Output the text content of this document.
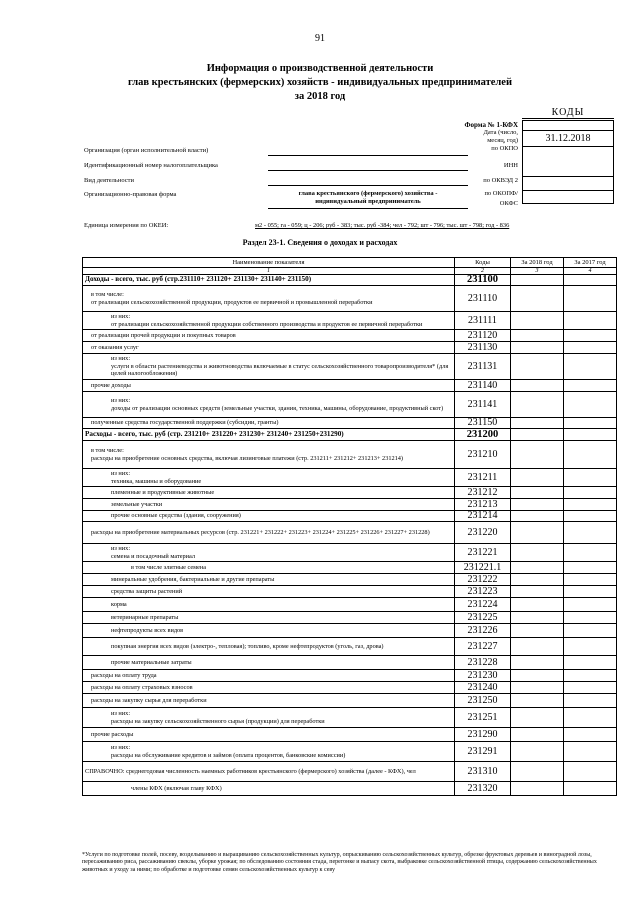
91
Информация о производственной деятельности
глав крестьянских (фермерских) хозяйств - индивидуальных предпринимателей
за 2018 год
КОДЫ
Форма № 1-КФХ
Дата (число,
месяц, год)
по ОКПО
ИНН
по ОКВЭД 2
по ОКОПФ/
ОКФС
31.12.2018
Организация (орган исполнительной власти)
Идентификационный номер налогоплательщика
Вид деятельности
Организационно-правовая форма	глава крестьянского (фермерского) хозяйства -
индивидуальный предприниматель
Единица измерения по ОКЕИ:	м2 - 055; га - 059; ц - 206; руб - 383; тыс. руб -384; чел - 792; шт - 796; тыс. шт - 798; год - 836
Раздел 23-1. Сведения о доходах и расходах
Наименование показателя	Коды	За 2018 год	За 2017 год
1	2	3	4
Доходы - всего, тыс. руб (стр.231110+ 231120+ 231130+ 231140+ 231150)	231100		
в том числе:
от реализации сельскохозяйственной продукции, продуктов ее первичной и промышленной переработки	231110		
из них:
от реализации сельскохозяйственной продукции собственного производства и продуктов ее первичной переработки	231111		
от реализации прочей продукции и покупных товаров	231120		
от оказания услуг	231130		
из них:
услуги в области растениеводства и животноводства включаемые в статус сельскохозяйственного товаропроизводителя* (для целей налогообложения)	231131		
прочие доходы	231140		
из них:
доходы от реализации основных средств (земельные участки, здания, техника, машины, оборудование, продуктивный скот)	231141		
полученные средства государственной поддержки (субсидии, гранты)	231150		
Расходы - всего, тыс. руб (стр. 231210+ 231220+ 231230+ 231240+ 231250+231290)	231200		
в том числе:
расходы на приобретение основных средства, включая лизинговые платежи (стр. 231211+ 231212+ 231213+ 231214)	231210		
из них:
техника, машины и оборудование	231211		
племенные и продуктивные животные	231212		
земельные участки	231213		
прочие основные средства (здания, сооружения)	231214		
расходы на приобретение материальных ресурсов (стр. 231221+ 231222+ 231223+ 231224+ 231225+ 231226+ 231227+ 231228)	231220		
из них:
семена и посадочный материал	231221		
в том числе элитные семена	231221.1		
минеральные удобрения, бактериальные и другие препараты	231222		
средства защиты растений	231223		
корма	231224		
ветеринарные препараты	231225		
нефтепродукты всех видов	231226		
покупная энергия всех видов (электро-, тепловая); топливо, кроме нефтепродуктов (уголь, газ, дрова)	231227		
прочие материальные затраты	231228		
расходы на оплату труда	231230		
расходы на оплату страховых взносов	231240		
расходы на закупку сырья для переработки	231250		
из них:
расходы на закупку сельскохозяйственного сырья (продукции) для переработки	231251		
прочие расходы	231290		
из них:
расходы на обслуживание кредитов и займов (оплата процентов, банковские комиссии)	231291		
СПРАВОЧНО: среднегодовая численность наемных работников крестьянского (фермерского) хозяйства (далее - КФХ), чел	231310		
члены КФХ (включая главу КФХ)	231320		
*Услуги по подготовке полей, посеву, возделыванию и выращиванию сельскохозяйственных культур, опрыскиванию сельскохозяйственных культур, обрезке фруктовых деревьев и виноградной лозы, пересаживанию риса, рассаживанию свеклы, уборке урожая; по обследованию состояния стада, перегонке и выпасу скота, выбраковке сельскохозяйственной птицы, содержанию сельскохозяйственных животных и уходу за ними; по обработке и подготовке семян сельскохозяйственных культур к севу
